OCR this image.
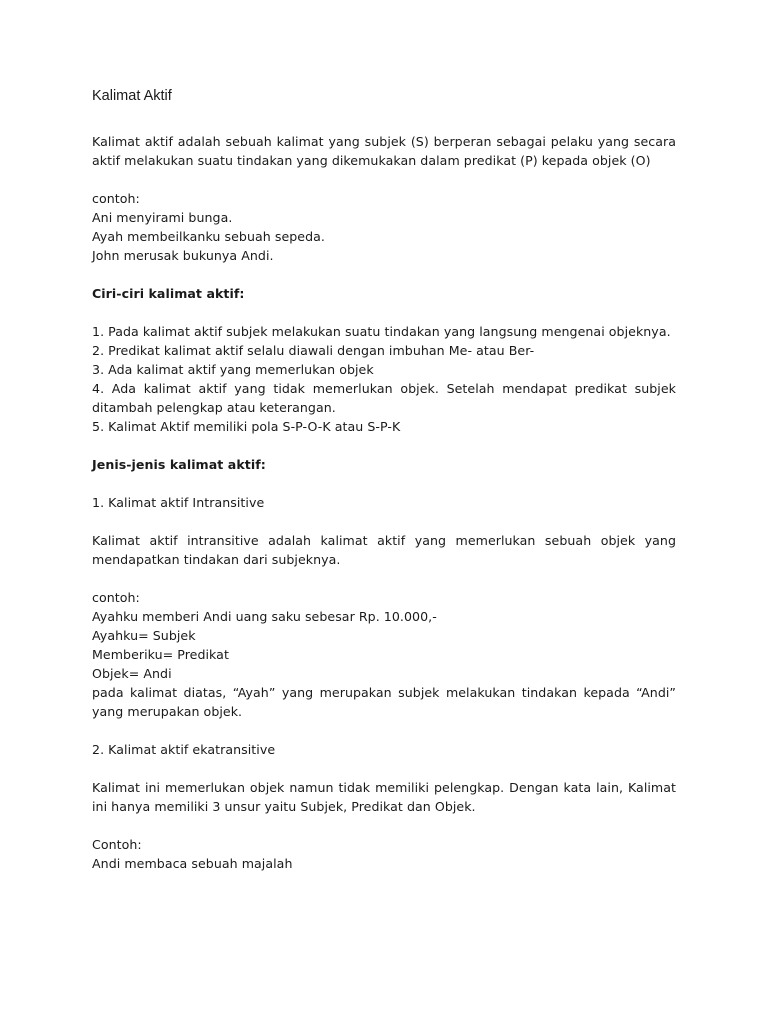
Kalimat Aktif

Kalimat aktif adalah sebuah kalimat yang subjek (S) berperan sebagai pelaku yang secara aktif melakukan suatu tindakan yang dikemukakan dalam predikat (P) kepada objek (O)

contoh:

Ani menyirami bunga.

Ayah membeilkanku sebuah sepeda.

John merusak bukunya Andi.

Ciri-ciri kalimat aktif:

1. Pada kalimat aktif subjek melakukan suatu tindakan yang langsung mengenai objeknya.

2. Predikat kalimat aktif selalu diawali dengan imbuhan Me- atau Ber-

3. Ada kalimat aktif yang memerlukan objek

4. Ada kalimat aktif yang tidak memerlukan objek. Setelah mendapat predikat subjek ditambah pelengkap atau keterangan.

5. Kalimat Aktif memiliki pola S-P-O-K atau S-P-K

Jenis-jenis kalimat aktif:

1. Kalimat aktif Intransitive

Kalimat aktif intransitive adalah kalimat aktif yang memerlukan sebuah objek yang mendapatkan tindakan dari subjeknya.

contoh:

Ayahku memberi Andi uang saku sebesar Rp. 10.000,-

Ayahku= Subjek

Memberiku= Predikat

Objek= Andi

pada kalimat diatas, “Ayah” yang merupakan subjek melakukan tindakan kepada “Andi” yang merupakan objek.

2. Kalimat aktif ekatransitive

Kalimat ini memerlukan objek namun tidak memiliki pelengkap. Dengan kata lain, Kalimat ini hanya memiliki 3 unsur yaitu Subjek, Predikat dan Objek.

Contoh:

Andi membaca sebuah majalah
